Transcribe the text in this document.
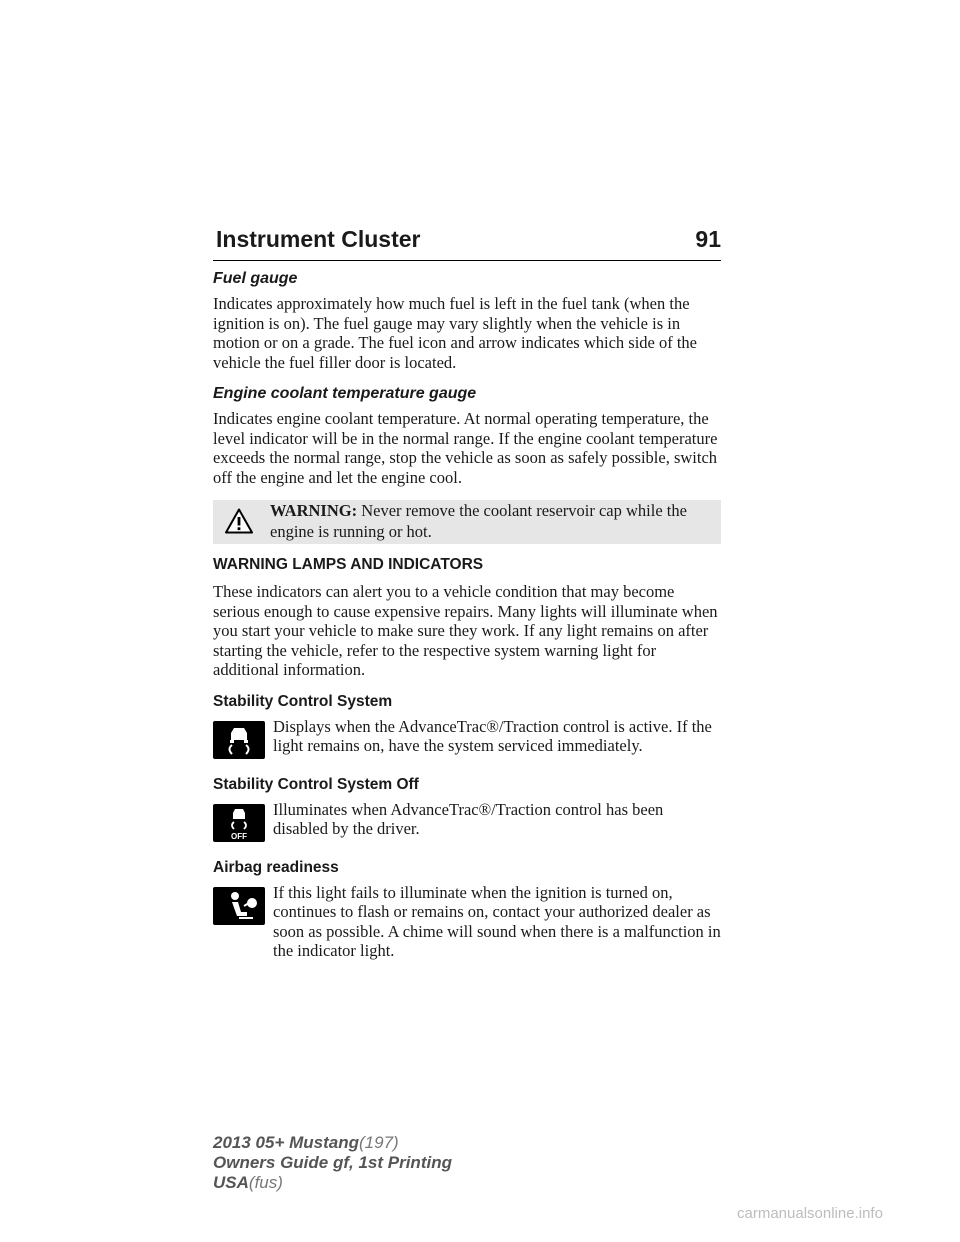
Instrument Cluster	91
Fuel gauge

Indicates approximately how much fuel is left in the fuel tank (when the ignition is on). The fuel gauge may vary slightly when the vehicle is in motion or on a grade. The fuel icon and arrow indicates which side of the vehicle the fuel filler door is located.

Engine coolant temperature gauge

Indicates engine coolant temperature. At normal operating temperature, the level indicator will be in the normal range. If the engine coolant temperature exceeds the normal range, stop the vehicle as soon as safely possible, switch off the engine and let the engine cool.

WARNING: Never remove the coolant reservoir cap while the engine is running or hot.
WARNING LAMPS AND INDICATORS

These indicators can alert you to a vehicle condition that may become serious enough to cause expensive repairs. Many lights will illuminate when you start your vehicle to make sure they work. If any light remains on after starting the vehicle, refer to the respective system warning light for additional information.

Stability Control System
Displays when the AdvanceTrac®/Traction control is active. If the light remains on, have the system serviced immediately.
Stability Control System Off
OFF
Illuminates when AdvanceTrac®/Traction control has been disabled by the driver.
Airbag readiness
If this light fails to illuminate when the ignition is turned on, continues to flash or remains on, contact your authorized dealer as soon as possible. A chime will sound when there is a malfunction in the indicator light.
2013 05+ Mustang(197)
Owners Guide gf, 1st Printing
USA(fus)
carmanualsonline.info
